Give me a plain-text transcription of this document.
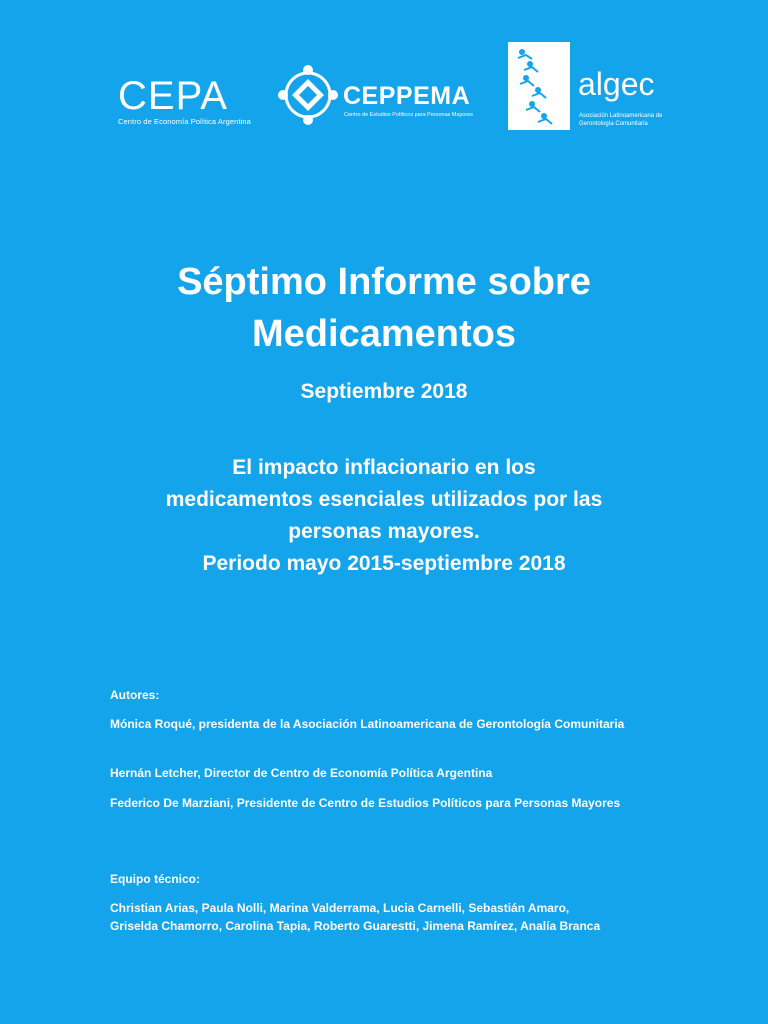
CEPA
Centro de Economía Política Argentina
CEPPEMA
Centro de Estudios Políticos para Personas Mayores
algec
Asociación Latinoamericana de
Gerontología Comunitaria
Séptimo Informe sobre
Medicamentos
Septiembre 2018
El impacto inflacionario en los
medicamentos esenciales utilizados por las
personas mayores.
Periodo mayo 2015-septiembre 2018
Autores:
Mónica Roqué, presidenta de la Asociación Latinoamericana de Gerontología Comunitaria
Hernán Letcher, Director de Centro de Economía Política Argentina
Federico De Marziani, Presidente de Centro de Estudios Políticos para Personas Mayores
Equipo técnico:
Christian Arias, Paula Nolli, Marina Valderrama, Lucia Carnelli, Sebastián Amaro,
Griselda Chamorro, Carolina Tapia, Roberto Guarestti, Jimena Ramírez, Analía Branca
